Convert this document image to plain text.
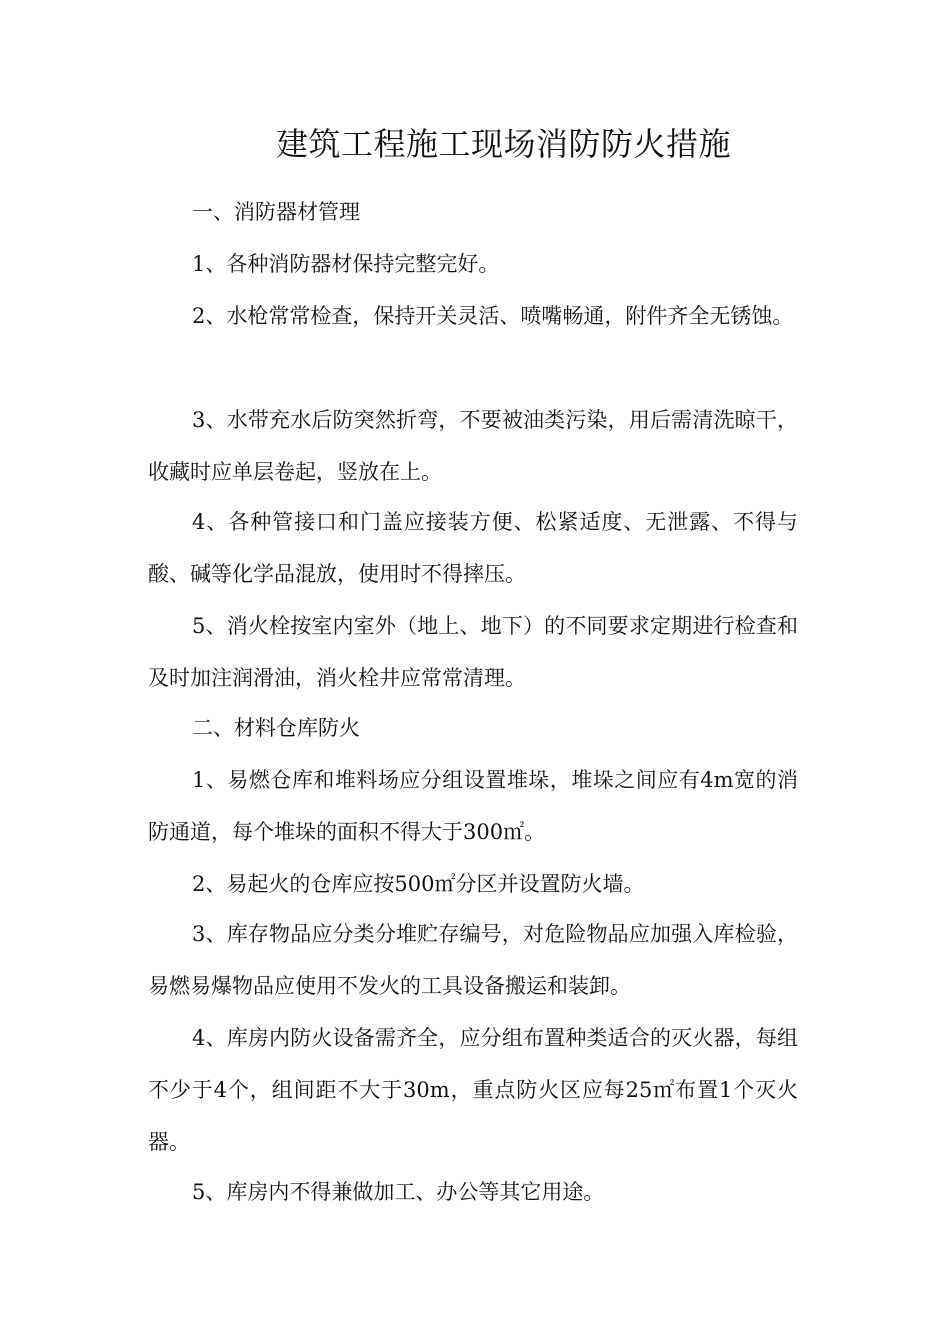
建筑工程施工现场消防防火措施

一、消防器材管理

1、各种消防器材保持完整完好。

2、水枪常常检查，保持开关灵活、喷嘴畅通，附件齐全无锈蚀。

3、水带充水后防突然折弯，不要被油类污染，用后需清洗晾干，收藏时应单层卷起，竖放在上。

4、各种管接口和门盖应接装方便、松紧适度、无泄露、不得与酸、碱等化学品混放，使用时不得摔压。

5、消火栓按室内室外（地上、地下）的不同要求定期进行检查和及时加注润滑油，消火栓井应常常清理。

二、材料仓库防火

1、易燃仓库和堆料场应分组设置堆垛，堆垛之间应有4m宽的消防通道，每个堆垛的面积不得大于300㎡。

2、易起火的仓库应按500㎡分区并设置防火墙。

3、库存物品应分类分堆贮存编号，对危险物品应加强入库检验，易燃易爆物品应使用不发火的工具设备搬运和装卸。

4、库房内防火设备需齐全，应分组布置种类适合的灭火器，每组不少于4个，组间距不大于30m，重点防火区应每25㎡布置1个灭火器。

5、库房内不得兼做加工、办公等其它用途。
